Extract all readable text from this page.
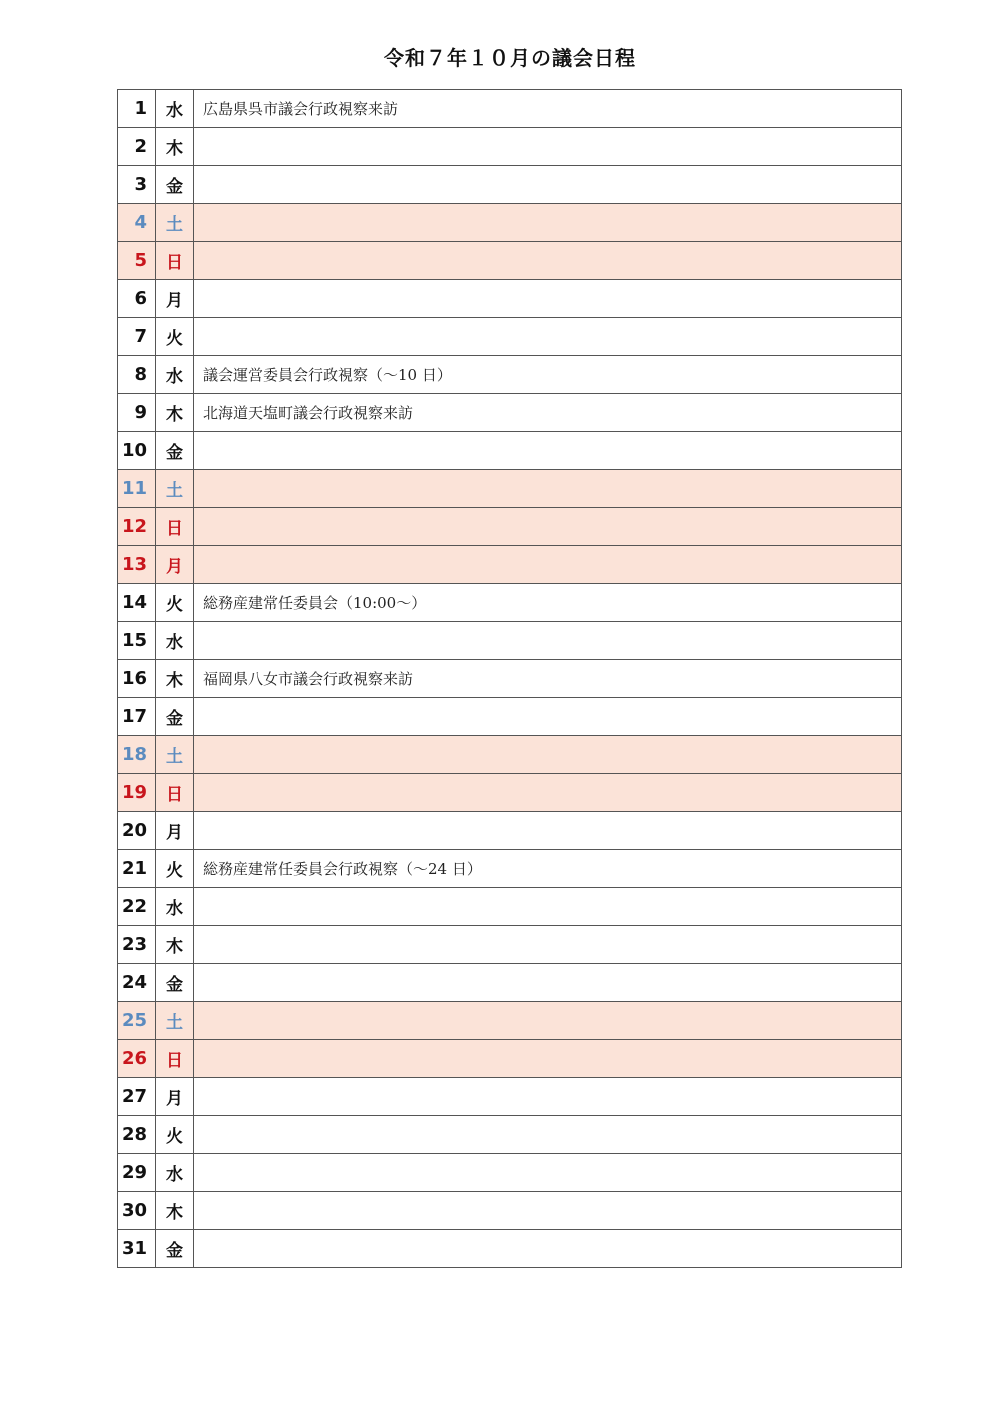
令和７年１０月の議会日程
1	水	広島県呉市議会行政視察来訪
2	木	
3	金	
4	土	
5	日	
6	月	
7	火	
8	水	議会運営委員会行政視察（～10 日）
9	木	北海道天塩町議会行政視察来訪
10	金	
11	土	
12	日	
13	月	
14	火	総務産建常任委員会（10:00～）
15	水	
16	木	福岡県八女市議会行政視察来訪
17	金	
18	土	
19	日	
20	月	
21	火	総務産建常任委員会行政視察（～24 日）
22	水	
23	木	
24	金	
25	土	
26	日	
27	月	
28	火	
29	水	
30	木	
31	金	
